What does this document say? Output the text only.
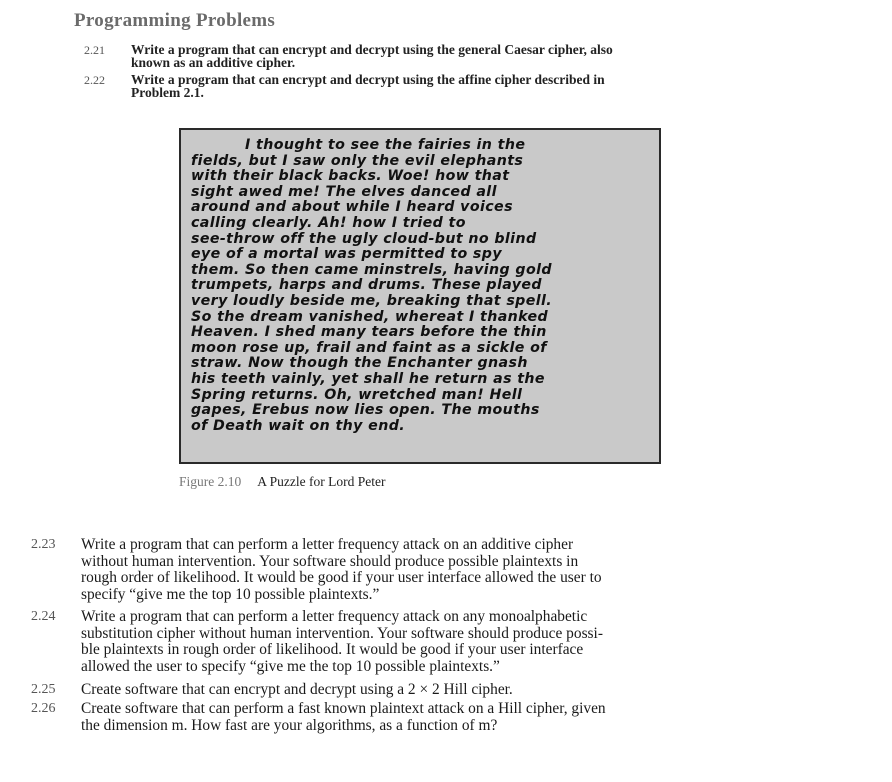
Programming Problems
2.21	Write a program that can encrypt and decrypt using the general Caesar cipher, also
known as an additive cipher.
2.22	Write a program that can encrypt and decrypt using the affine cipher described in
Problem 2.1.
I thought to see the fairies in the
fields, but I saw only the evil elephants
with their black backs. Woe! how that
sight awed me! The elves danced all
around and about while I heard voices
calling clearly. Ah! how I tried to
see-throw off the ugly cloud-but no blind
eye of a mortal was permitted to spy
them. So then came minstrels, having gold
trumpets, harps and drums. These played
very loudly beside me, breaking that spell.
So the dream vanished, whereat I thanked
Heaven. I shed many tears before the thin
moon rose up, frail and faint as a sickle of
straw. Now though the Enchanter gnash
his teeth vainly, yet shall he return as the
Spring returns. Oh, wretched man! Hell
gapes, Erebus now lies open. The mouths
of Death wait on thy end.
Figure 2.10 A Puzzle for Lord Peter
2.23	Write a program that can perform a letter frequency attack on an additive cipher
without human intervention. Your software should produce possible plaintexts in
rough order of likelihood. It would be good if your user interface allowed the user to
specify “give me the top 10 possible plaintexts.”
2.24	Write a program that can perform a letter frequency attack on any monoalphabetic
substitution cipher without human intervention. Your software should produce possi-
ble plaintexts in rough order of likelihood. It would be good if your user interface
allowed the user to specify “give me the top 10 possible plaintexts.”
2.25	Create software that can encrypt and decrypt using a 2 × 2 Hill cipher.
2.26	Create software that can perform a fast known plaintext attack on a Hill cipher, given
the dimension m. How fast are your algorithms, as a function of m?
